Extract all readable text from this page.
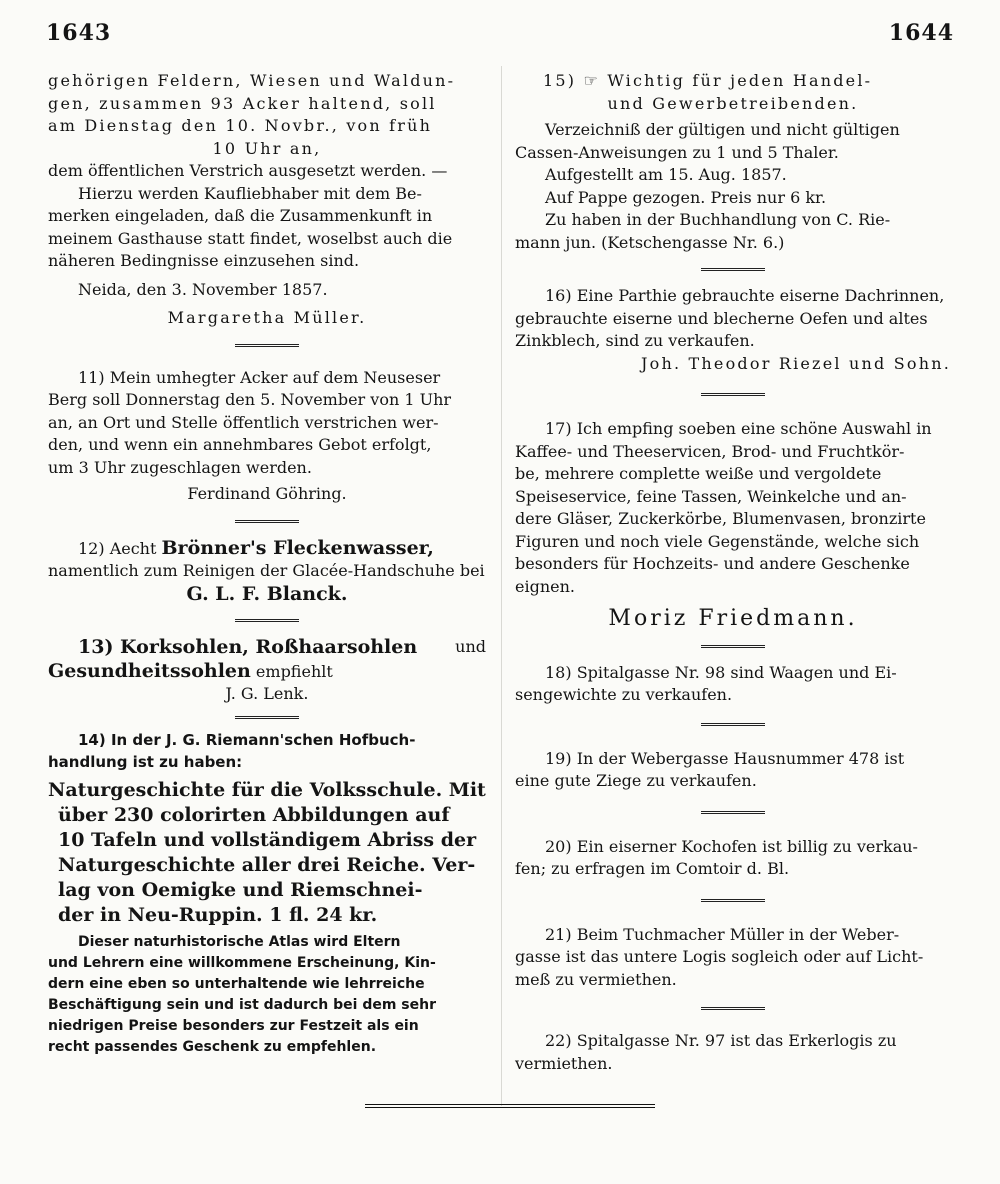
1643	1644

gehörigen Feldern, Wiesen und Waldun-

gen, zusammen 93 Acker haltend, soll

am Dienstag den 10. Novbr., von früh

10 Uhr an,

dem öffentlichen Verstrich ausgesetzt werden. —

Hierzu werden Kaufliebhaber mit dem Be-

merken eingeladen, daß die Zusammenkunft in

meinem Gasthause statt findet, woselbst auch die

näheren Bedingnisse einzusehen sind.

Neida, den 3. November 1857.

Margaretha Müller.

11) Mein umhegter Acker auf dem Neuseser

Berg soll Donnerstag den 5. November von 1 Uhr

an, an Ort und Stelle öffentlich verstrichen wer-

den, und wenn ein annehmbares Gebot erfolgt,

um 3 Uhr zugeschlagen werden.

Ferdinand Göhring.

12) Aecht Brönner's Fleckenwasser,

namentlich zum Reinigen der Glacée-Handschuhe bei

G. L. F. Blanck.

13) Korksohlen, Roßhaarsohlen und

Gesundheitssohlen empfiehlt

J. G. Lenk.

14) In der J. G. Riemann'schen Hofbuch-

handlung ist zu haben:

Naturgeschichte für die Volksschule. Mit

über 230 colorirten Abbildungen auf

10 Tafeln und vollständigem Abriss der

Naturgeschichte aller drei Reiche. Ver-

lag von Oemigke und Riemschnei-

der in Neu-Ruppin. 1 fl. 24 kr.

Dieser naturhistorische Atlas wird Eltern

und Lehrern eine willkommene Erscheinung, Kin-

dern eine eben so unterhaltende wie lehrreiche

Beschäftigung sein und ist dadurch bei dem sehr

niedrigen Preise besonders zur Festzeit als ein

recht passendes Geschenk zu empfehlen.

15) ☞ Wichtig für jeden Handel-

und Gewerbetreibenden.

Verzeichniß der gültigen und nicht gültigen

Cassen-Anweisungen zu 1 und 5 Thaler.

Aufgestellt am 15. Aug. 1857.

Auf Pappe gezogen. Preis nur 6 kr.

Zu haben in der Buchhandlung von C. Rie-

mann jun. (Ketschengasse Nr. 6.)

16) Eine Parthie gebrauchte eiserne Dachrinnen,

gebrauchte eiserne und blecherne Oefen und altes

Zinkblech, sind zu verkaufen.

Joh. Theodor Riezel und Sohn.

17) Ich empfing soeben eine schöne Auswahl in

Kaffee- und Theeservicen, Brod- und Fruchtkör-

be, mehrere complette weiße und vergoldete

Speiseservice, feine Tassen, Weinkelche und an-

dere Gläser, Zuckerkörbe, Blumenvasen, bronzirte

Figuren und noch viele Gegenstände, welche sich

besonders für Hochzeits- und andere Geschenke

eignen.

Moriz Friedmann.

18) Spitalgasse Nr. 98 sind Waagen und Ei-

sengewichte zu verkaufen.

19) In der Webergasse Hausnummer 478 ist

eine gute Ziege zu verkaufen.

20) Ein eiserner Kochofen ist billig zu verkau-

fen; zu erfragen im Comtoir d. Bl.

21) Beim Tuchmacher Müller in der Weber-

gasse ist das untere Logis sogleich oder auf Licht-

meß zu vermiethen.

22) Spitalgasse Nr. 97 ist das Erkerlogis zu

vermiethen.
